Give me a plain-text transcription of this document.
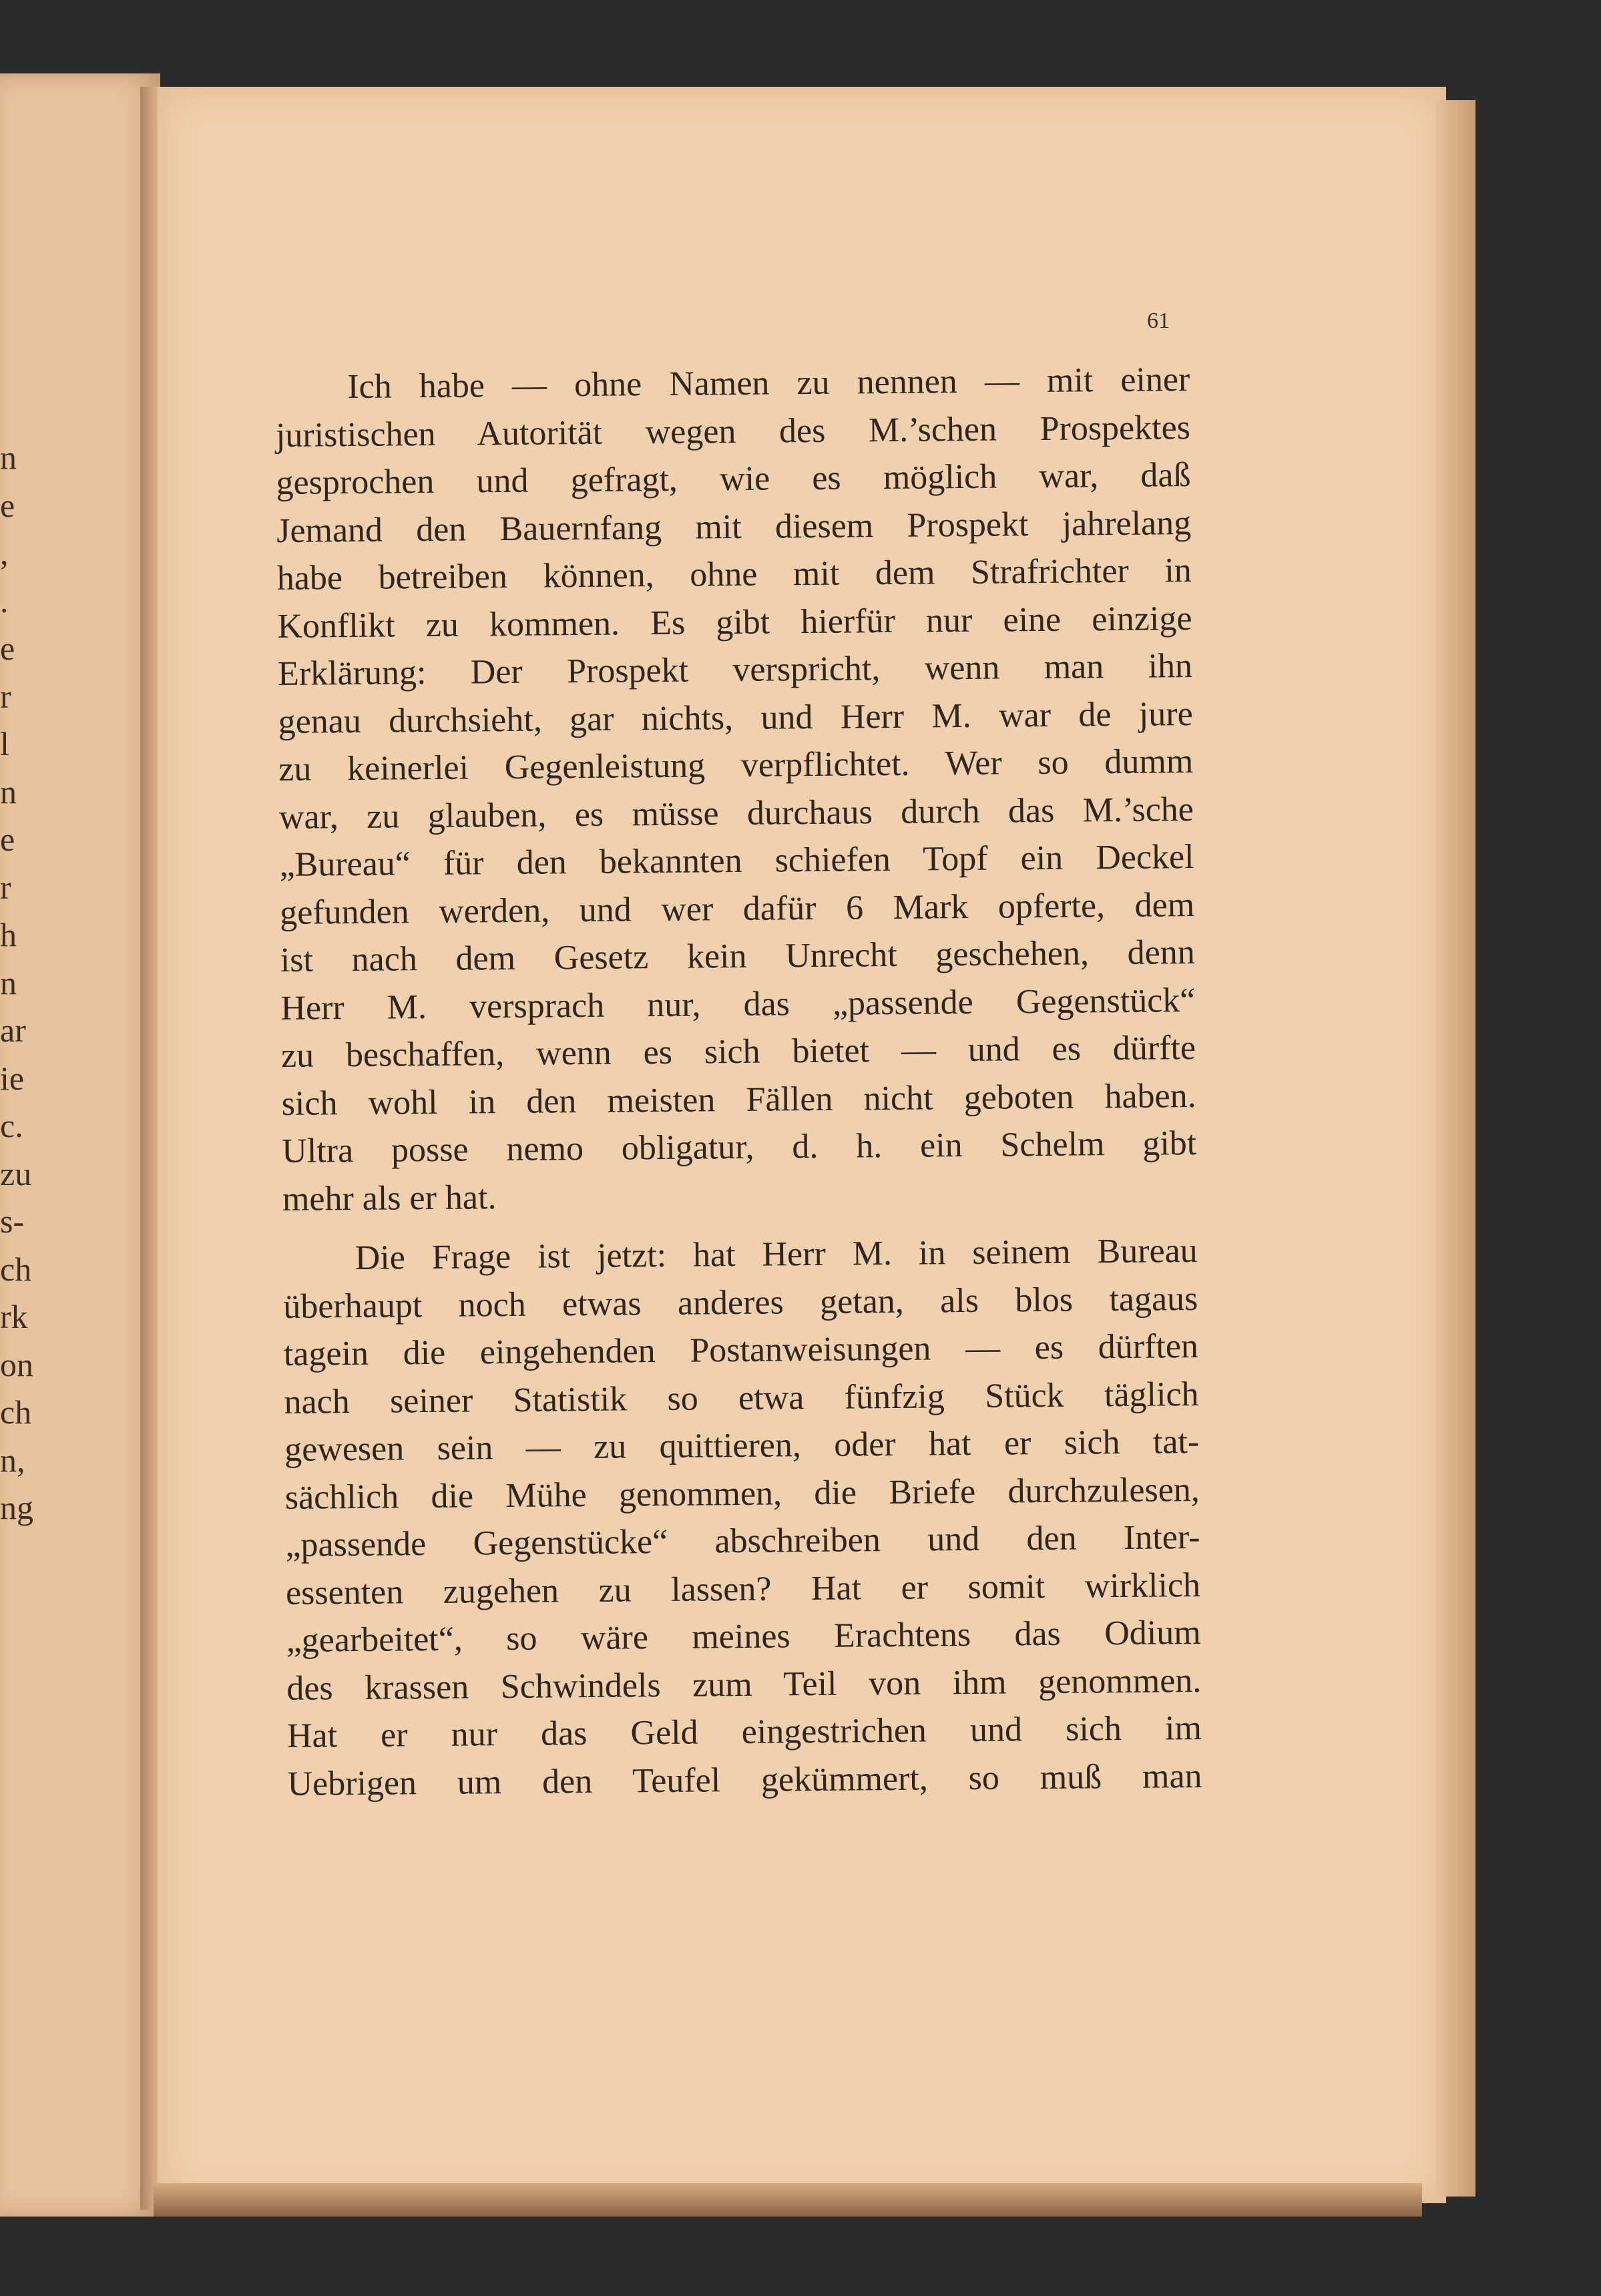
n
e
,
.
e
r
l
n
e
r
h
n
ar
ie
c.
zu
s-
ch
rk
on
ch
n,
ng
61

Ich habe — ohne Namen zu nennen — mit einer
juristischen Autorität wegen des M.’schen Prospektes
gesprochen und gefragt, wie es möglich war, daß
Jemand den Bauernfang mit diesem Prospekt jahrelang
habe betreiben können, ohne mit dem Strafrichter in
Konflikt zu kommen. Es gibt hierfür nur eine einzige
Erklärung: Der Prospekt verspricht, wenn man ihn
genau durchsieht, gar nichts, und Herr M. war de jure
zu keinerlei Gegenleistung verpflichtet. Wer so dumm
war, zu glauben, es müsse durchaus durch das M.’sche
„Bureau“ für den bekannten schiefen Topf ein Deckel
gefunden werden, und wer dafür 6 Mark opferte, dem
ist nach dem Gesetz kein Unrecht geschehen, denn
Herr M. versprach nur, das „passende Gegenstück“
zu beschaffen, wenn es sich bietet — und es dürfte
sich wohl in den meisten Fällen nicht geboten haben.
Ultra posse nemo obligatur, d. h. ein Schelm gibt
mehr als er hat.

Die Frage ist jetzt: hat Herr M. in seinem Bureau
überhaupt noch etwas anderes getan, als blos tagaus
tagein die eingehenden Postanweisungen — es dürften
nach seiner Statistik so etwa fünfzig Stück täglich
gewesen sein — zu quittieren, oder hat er sich tat-
sächlich die Mühe genommen, die Briefe durchzulesen,
„passende Gegenstücke“ abschreiben und den Inter-
essenten zugehen zu lassen? Hat er somit wirklich
„gearbeitet“, so wäre meines Erachtens das Odium
des krassen Schwindels zum Teil von ihm genommen.
Hat er nur das Geld eingestrichen und sich im
Uebrigen um den Teufel gekümmert, so muß man
